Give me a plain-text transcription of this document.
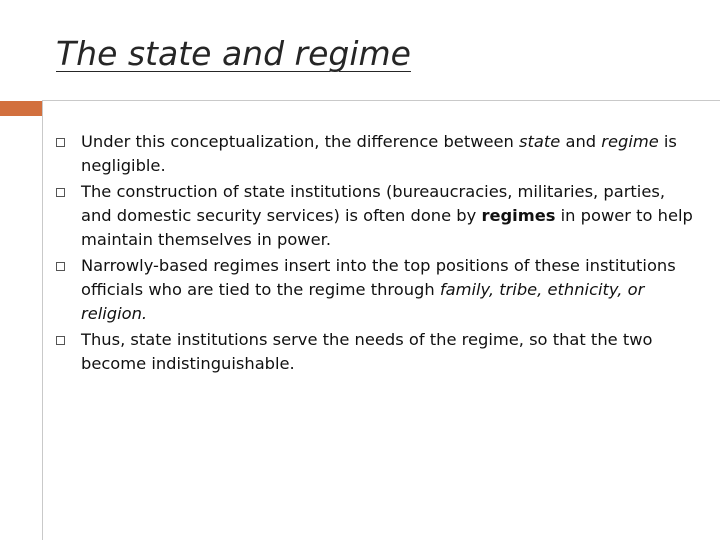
The state and regime
Under this conceptualization, the difference between state and regime is negligible.
The construction of state institutions (bureaucracies, militaries, parties, and domestic security services) is often done by regimes in power to help maintain themselves in power.
Narrowly-based regimes insert into the top positions of these institutions officials who are tied to the regime through family, tribe, ethnicity, or religion.
Thus, state institutions serve the needs of the regime, so that the two become indistinguishable.
